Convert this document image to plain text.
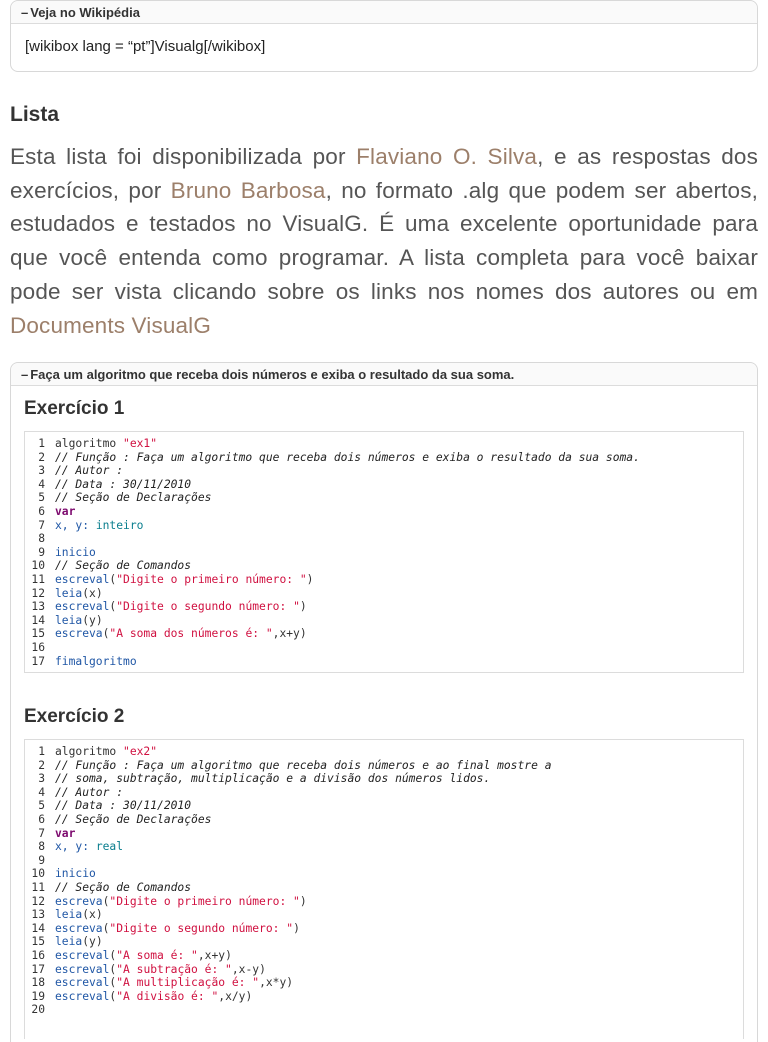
– Veja no Wikipédia
[wikibox lang = “pt”]Visualg[/wikibox]
Lista

Esta lista foi disponibilizada por Flaviano O. Silva, e as respostas dos exercícios, por Bruno Barbosa, no formato .alg que podem ser abertos, estudados e testados no VisualG. É uma excelente oportunidade para que você entenda como programar. A lista completa para você baixar pode ser vista clicando sobre os links nos nomes dos autores ou em Documents VisualG

– Faça um algoritmo que receba dois números e exiba o resultado da sua soma.
Exercício 1
1 algoritmo "ex1"
2 // Função : Faça um algoritmo que receba dois números e exiba o resultado da sua soma.
3 // Autor :
4 // Data : 30/11/2010
5 // Seção de Declarações
6 var
7 x, y: inteiro
8
9 inicio
10 // Seção de Comandos
11 escreval("Digite o primeiro número: ")
12 leia(x)
13 escreval("Digite o segundo número: ")
14 leia(y)
15 escreva("A soma dos números é: ",x+y)
16
17 fimalgoritmo
Exercício 2
1 algoritmo "ex2"
2 // Função : Faça um algoritmo que receba dois números e ao final mostre a
3 // soma, subtração, multiplicação e a divisão dos números lidos.
4 // Autor :
5 // Data : 30/11/2010
6 // Seção de Declarações
7 var
8 x, y: real
9
10 inicio
11 // Seção de Comandos
12 escreva("Digite o primeiro número: ")
13 leia(x)
14 escreva("Digite o segundo número: ")
15 leia(y)
16 escreval("A soma é: ",x+y)
17 escreval("A subtração é: ",x-y)
18 escreval("A multiplicação é: ",x*y)
19 escreval("A divisão é: ",x/y)
20
